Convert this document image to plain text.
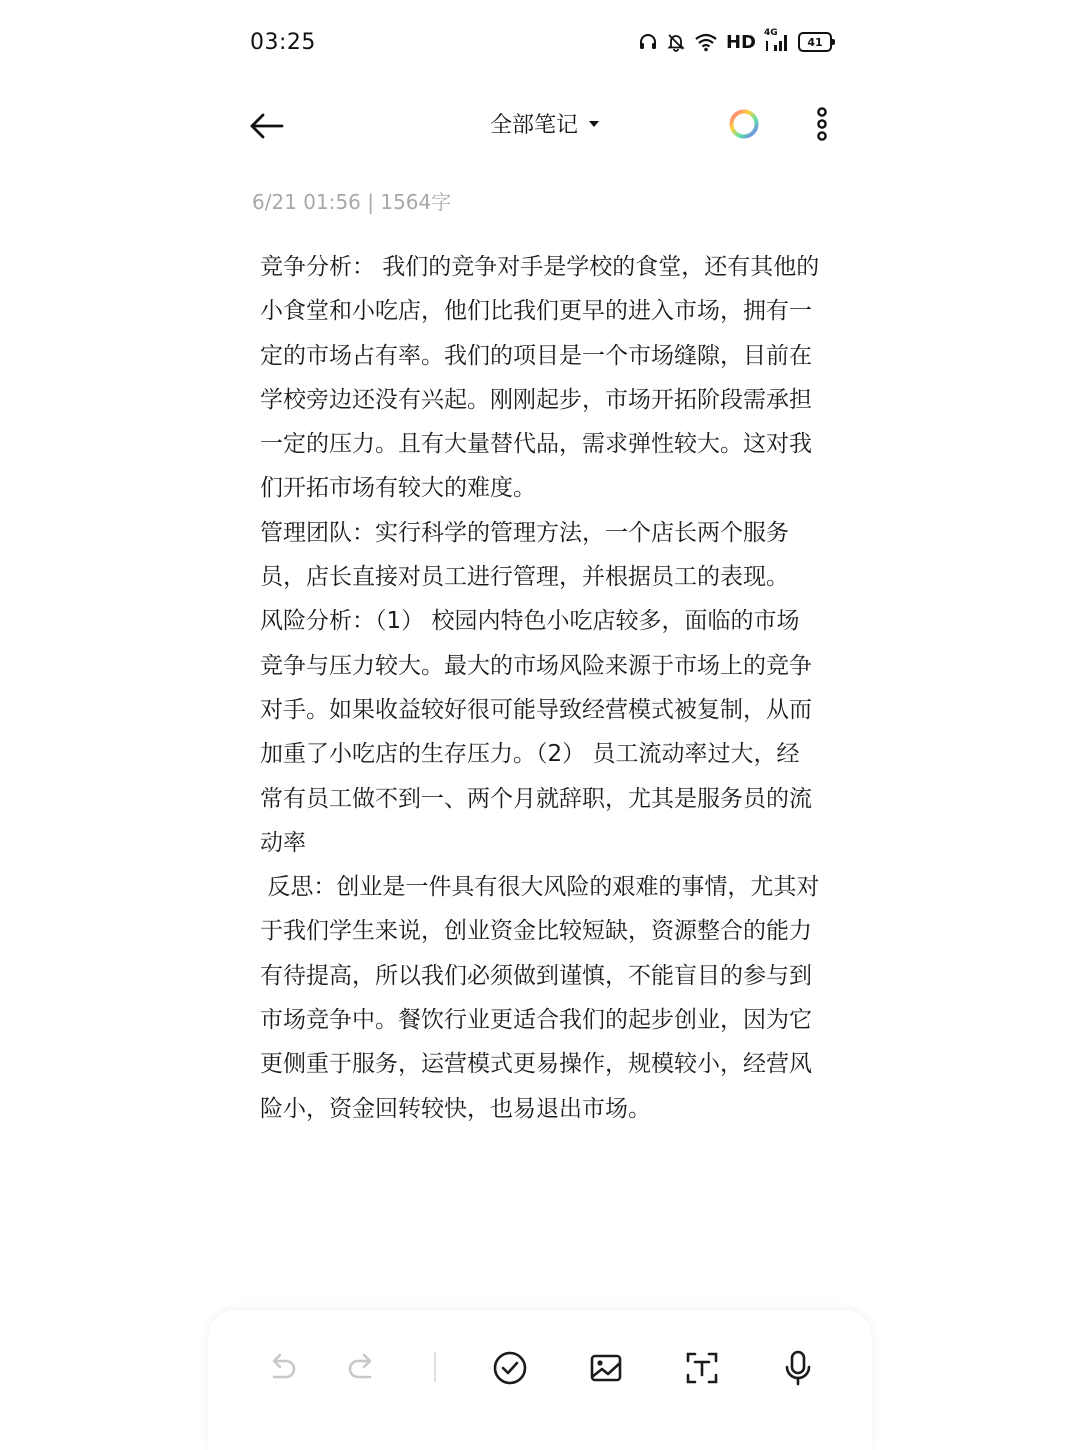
03:25	HD 4G
41
全部笔记
6/21 01:56 | 1564字
竞争分析： 我们的竞争对手是学校的食堂，还有其他的小食堂和小吃店，他们比我们更早的进入市场，拥有一定的市场占有率。我们的项目是一个市场缝隙，目前在学校旁边还没有兴起。刚刚起步，市场开拓阶段需承担一定的压力。且有大量替代品，需求弹性较大。这对我们开拓市场有较大的难度。
管理团队：实行科学的管理方法，一个店长两个服务员，店长直接对员工进行管理，并根据员工的表现。
风险分析：（1） 校园内特色小吃店较多，面临的市场竞争与压力较大。最大的市场风险来源于市场上的竞争对手。如果收益较好很可能导致经营模式被复制，从而加重了小吃店的生存压力。（2） 员工流动率过大，经常有员工做不到一、两个月就辞职，尤其是服务员的流动率
反思：创业是一件具有很大风险的艰难的事情，尤其对于我们学生来说，创业资金比较短缺，资源整合的能力有待提高，所以我们必须做到谨慎，不能盲目的参与到市场竞争中。餐饮行业更适合我们的起步创业，因为它更侧重于服务，运营模式更易操作，规模较小，经营风险小，资金回转较快，也易退出市场。
